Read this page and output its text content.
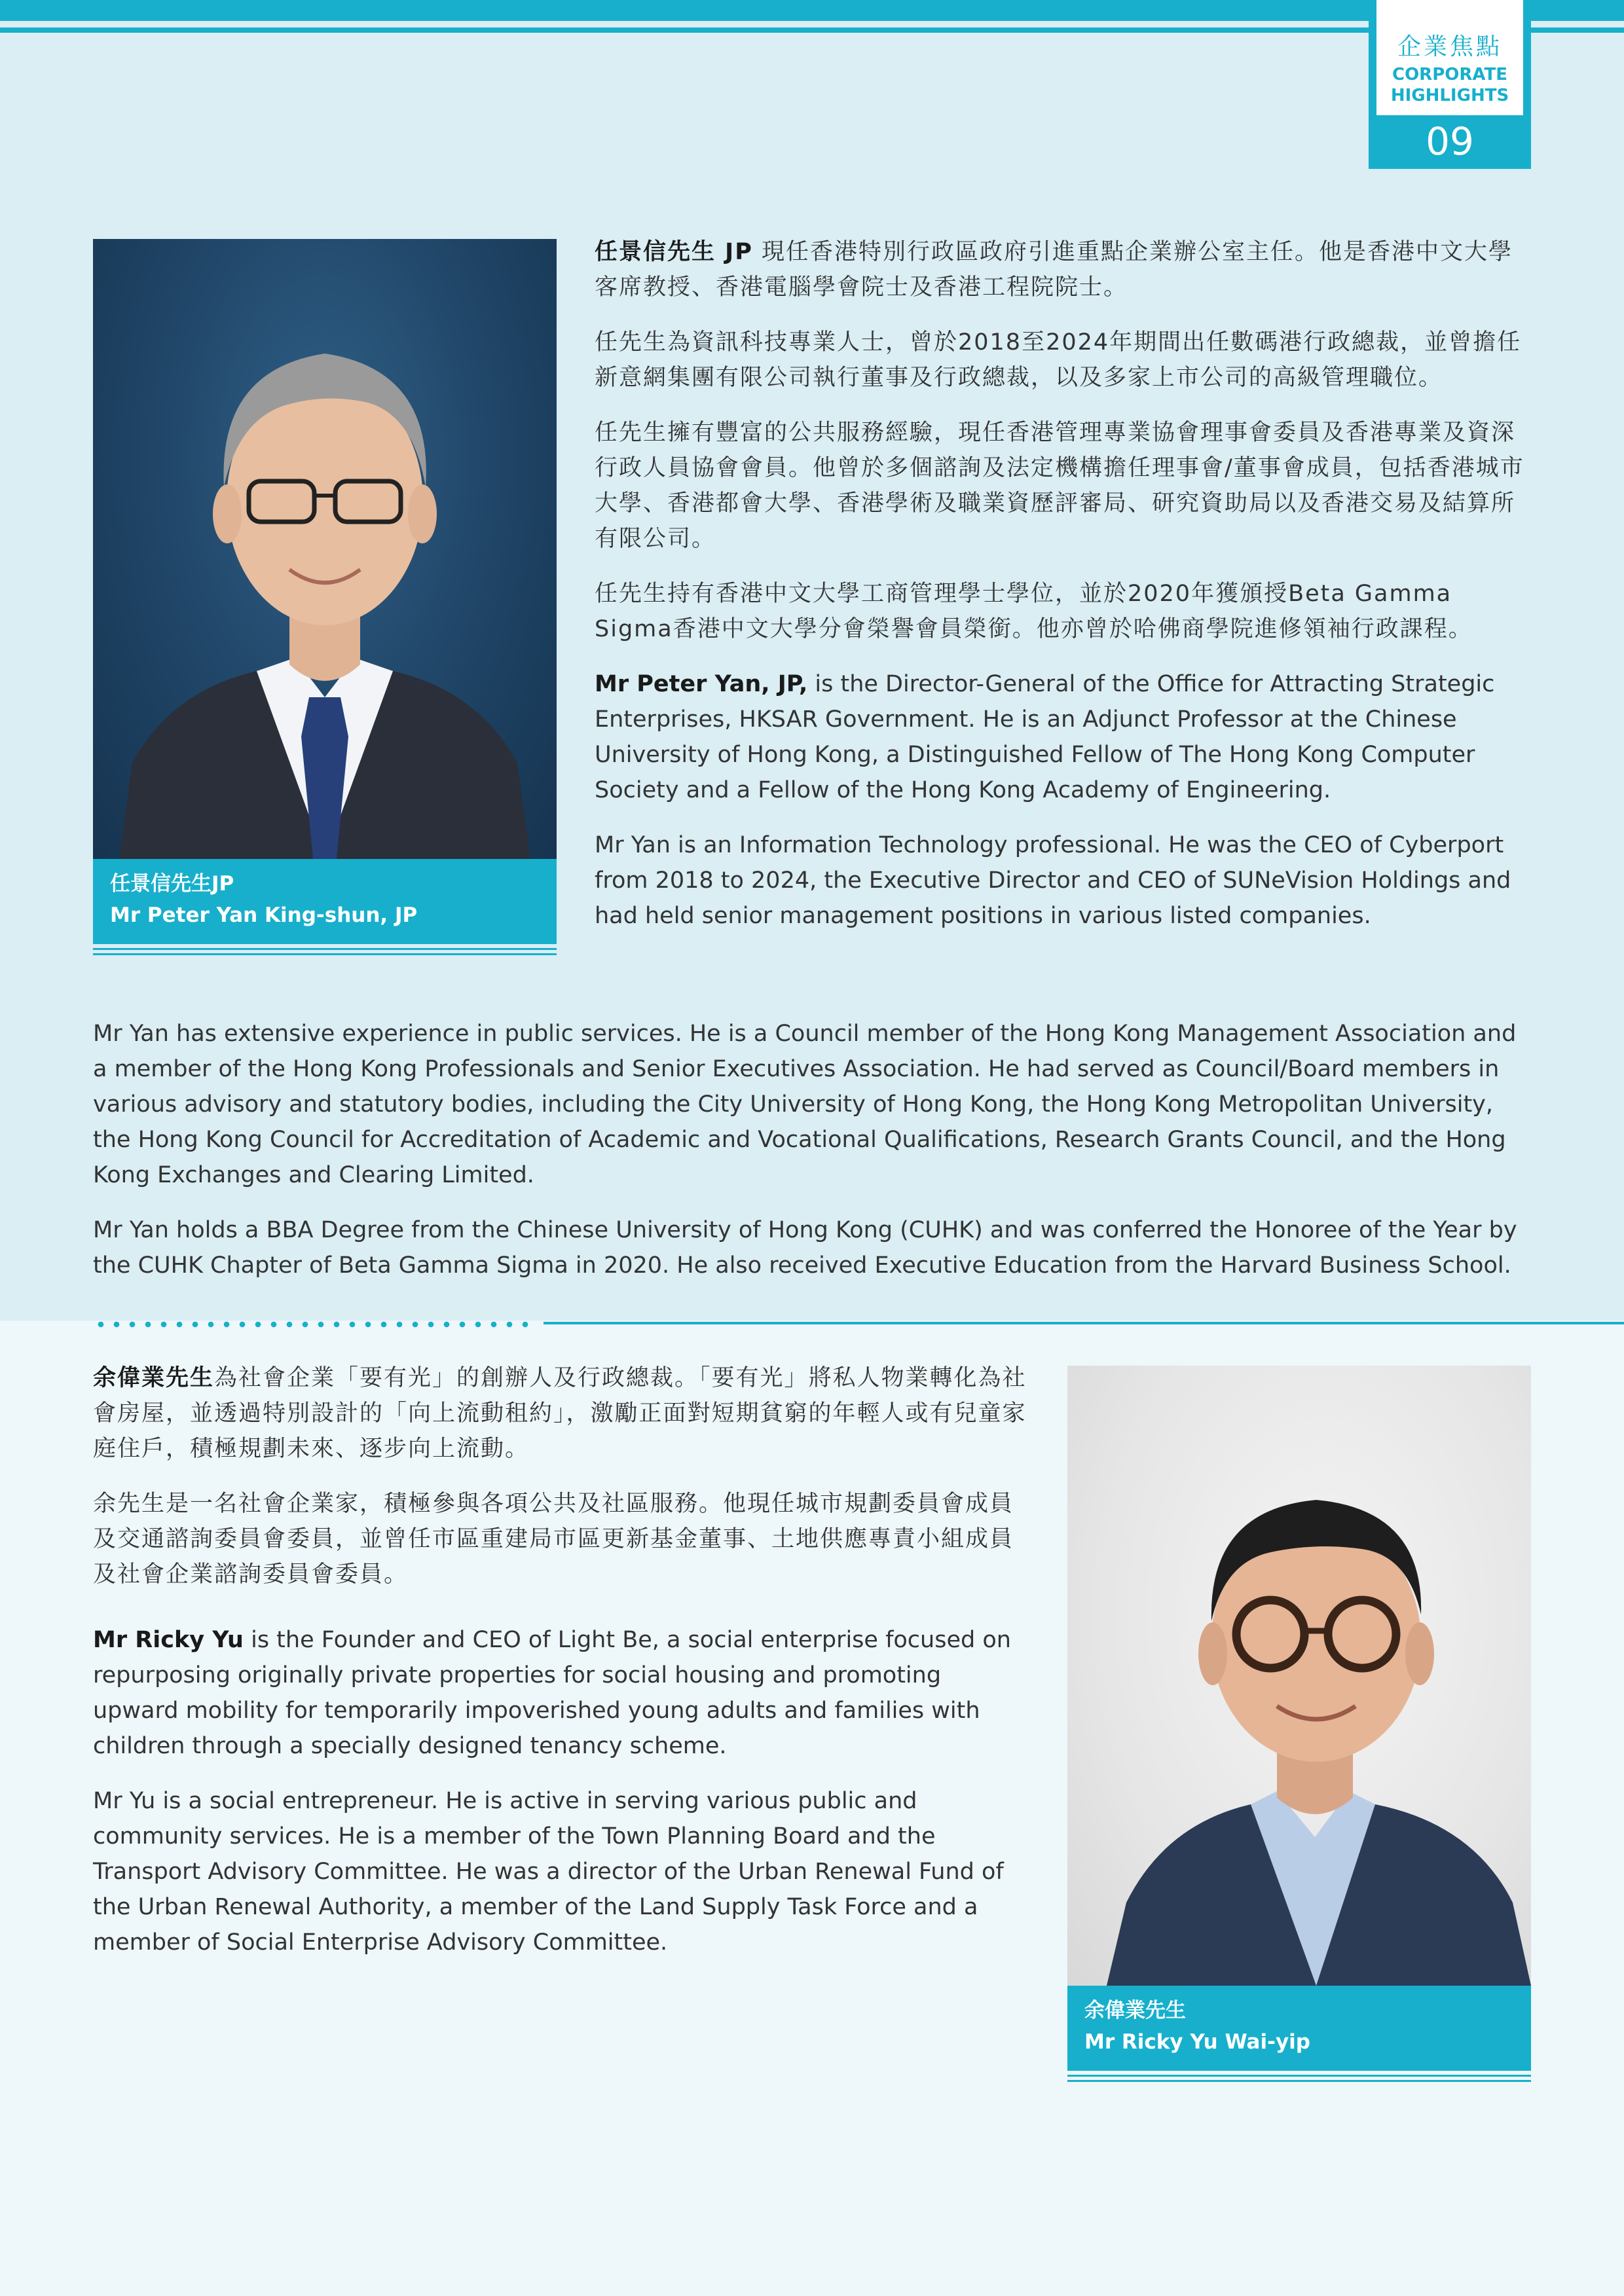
企業焦點
CORPORATE
HIGHLIGHTS
09
任景信先生JP
Mr Peter Yan King-shun, JP

任景信先生 JP 現任香港特別行政區政府引進重點企業辦公室主任。他是香港中文大學客席教授、香港電腦學會院士及香港工程院院士。

任先生為資訊科技專業人士，曾於2018至2024年期間出任數碼港行政總裁，並曾擔任新意網集團有限公司執行董事及行政總裁，以及多家上市公司的高級管理職位。

任先生擁有豐富的公共服務經驗，現任香港管理專業協會理事會委員及香港專業及資深行政人員協會會員。他曾於多個諮詢及法定機構擔任理事會/董事會成員，包括香港城市大學、香港都會大學、香港學術及職業資歷評審局、研究資助局以及香港交易及結算所有限公司。

任先生持有香港中文大學工商管理學士學位，並於2020年獲頒授Beta Gamma Sigma香港中文大學分會榮譽會員榮銜。他亦曾於哈佛商學院進修領袖行政課程。

Mr Peter Yan, JP, is the Director-General of the Office for Attracting Strategic Enterprises, HKSAR Government. He is an Adjunct Professor at the Chinese University of Hong Kong, a Distinguished Fellow of The Hong Kong Computer Society and a Fellow of the Hong Kong Academy of Engineering.

Mr Yan is an Information Technology professional. He was the CEO of Cyberport from 2018 to 2024, the Executive Director and CEO of SUNeVision Holdings and had held senior management positions in various listed companies.

Mr Yan has extensive experience in public services. He is a Council member of the Hong Kong Management Association and a member of the Hong Kong Professionals and Senior Executives Association. He had served as Council/Board members in various advisory and statutory bodies, including the City University of Hong Kong, the Hong Kong Metropolitan University, the Hong Kong Council for Accreditation of Academic and Vocational Qualifications, Research Grants Council, and the Hong Kong Exchanges and Clearing Limited.

Mr Yan holds a BBA Degree from the Chinese University of Hong Kong (CUHK) and was conferred the Honoree of the Year by the CUHK Chapter of Beta Gamma Sigma in 2020. He also received Executive Education from the Harvard Business School.

余偉業先生為社會企業「要有光」的創辦人及行政總裁。「要有光」將私人物業轉化為社會房屋，並透過特別設計的「向上流動租約」，激勵正面對短期貧窮的年輕人或有兒童家庭住戶，積極規劃未來、逐步向上流動。

余先生是一名社會企業家，積極參與各項公共及社區服務。他現任城市規劃委員會成員及交通諮詢委員會委員，並曾任市區重建局市區更新基金董事、土地供應專責小組成員及社會企業諮詢委員會委員。

Mr Ricky Yu is the Founder and CEO of Light Be, a social enterprise focused on repurposing originally private properties for social housing and promoting upward mobility for temporarily impoverished young adults and families with children through a specially designed tenancy scheme.

Mr Yu is a social entrepreneur. He is active in serving various public and community services. He is a member of the Town Planning Board and the Transport Advisory Committee. He was a director of the Urban Renewal Fund of the Urban Renewal Authority, a member of the Land Supply Task Force and a member of Social Enterprise Advisory Committee.

余偉業先生
Mr Ricky Yu Wai-yip
